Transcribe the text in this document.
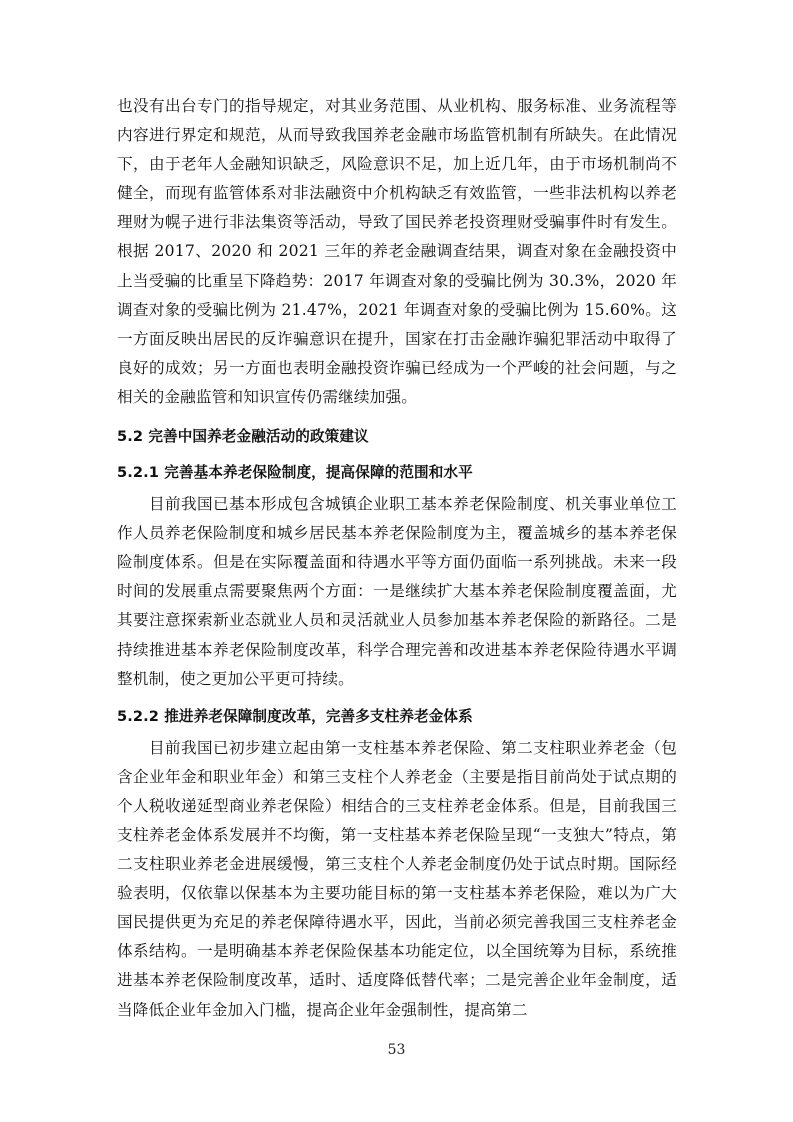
也没有出台专门的指导规定，对其业务范围、从业机构、服务标准、业务流程等内容进行界定和规范，从而导致我国养老金融市场监管机制有所缺失。在此情况下，由于老年人金融知识缺乏，风险意识不足，加上近几年，由于市场机制尚不健全，而现有监管体系对非法融资中介机构缺乏有效监管，一些非法机构以养老理财为幌子进行非法集资等活动，导致了国民养老投资理财受骗事件时有发生。根据 2017、2020 和 2021 三年的养老金融调查结果，调查对象在金融投资中上当受骗的比重呈下降趋势：2017 年调查对象的受骗比例为 30.3%，2020 年调查对象的受骗比例为 21.47%，2021 年调查对象的受骗比例为 15.60%。这一方面反映出居民的反诈骗意识在提升，国家在打击金融诈骗犯罪活动中取得了良好的成效；另一方面也表明金融投资诈骗已经成为一个严峻的社会问题，与之相关的金融监管和知识宣传仍需继续加强。

5.2 完善中国养老金融活动的政策建议
5.2.1 完善基本养老保险制度，提高保障的范围和水平

目前我国已基本形成包含城镇企业职工基本养老保险制度、机关事业单位工作人员养老保险制度和城乡居民基本养老保险制度为主，覆盖城乡的基本养老保险制度体系。但是在实际覆盖面和待遇水平等方面仍面临一系列挑战。未来一段时间的发展重点需要聚焦两个方面：一是继续扩大基本养老保险制度覆盖面，尤其要注意探索新业态就业人员和灵活就业人员参加基本养老保险的新路径。二是持续推进基本养老保险制度改革，科学合理完善和改进基本养老保险待遇水平调整机制，使之更加公平更可持续。

5.2.2 推进养老保障制度改革，完善多支柱养老金体系

目前我国已初步建立起由第一支柱基本养老保险、第二支柱职业养老金（包含企业年金和职业年金）和第三支柱个人养老金（主要是指目前尚处于试点期的个人税收递延型商业养老保险）相结合的三支柱养老金体系。但是，目前我国三支柱养老金体系发展并不均衡，第一支柱基本养老保险呈现“一支独大”特点，第二支柱职业养老金进展缓慢，第三支柱个人养老金制度仍处于试点时期。国际经验表明，仅依靠以保基本为主要功能目标的第一支柱基本养老保险，难以为广大国民提供更为充足的养老保障待遇水平，因此，当前必须完善我国三支柱养老金体系结构。一是明确基本养老保险保基本功能定位，以全国统筹为目标，系统推进基本养老保险制度改革，适时、适度降低替代率；二是完善企业年金制度，适当降低企业年金加入门槛，提高企业年金强制性，提高第二

53
